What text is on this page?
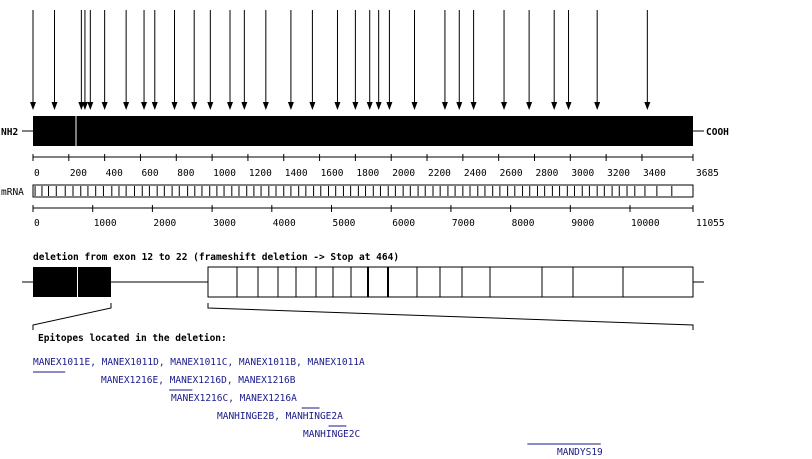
NH2	COOH
3685
0	200 400 600 800 1000 1200 1400 1600 1800 2000 2200 2400 2600 2800 3000 3200 3400
mRNA
11055
0	1000	2000	3000	4000	5000	6000	7000	8000	9000	10000
deletion from exon 12 to 22 (frameshift deletion -> Stop at 464)
Epitopes located in the deletion:
MANEX1011E, MANEX1011D, MANEX1011C, MANEX1011B, MANEX1011A
MANEX1216E, MANEX1216D, MANEX1216B
MANEX1216C, MANEX1216A
MANHINGE2B, MANHINGE2A
MANHINGE2C
MANDYS19
